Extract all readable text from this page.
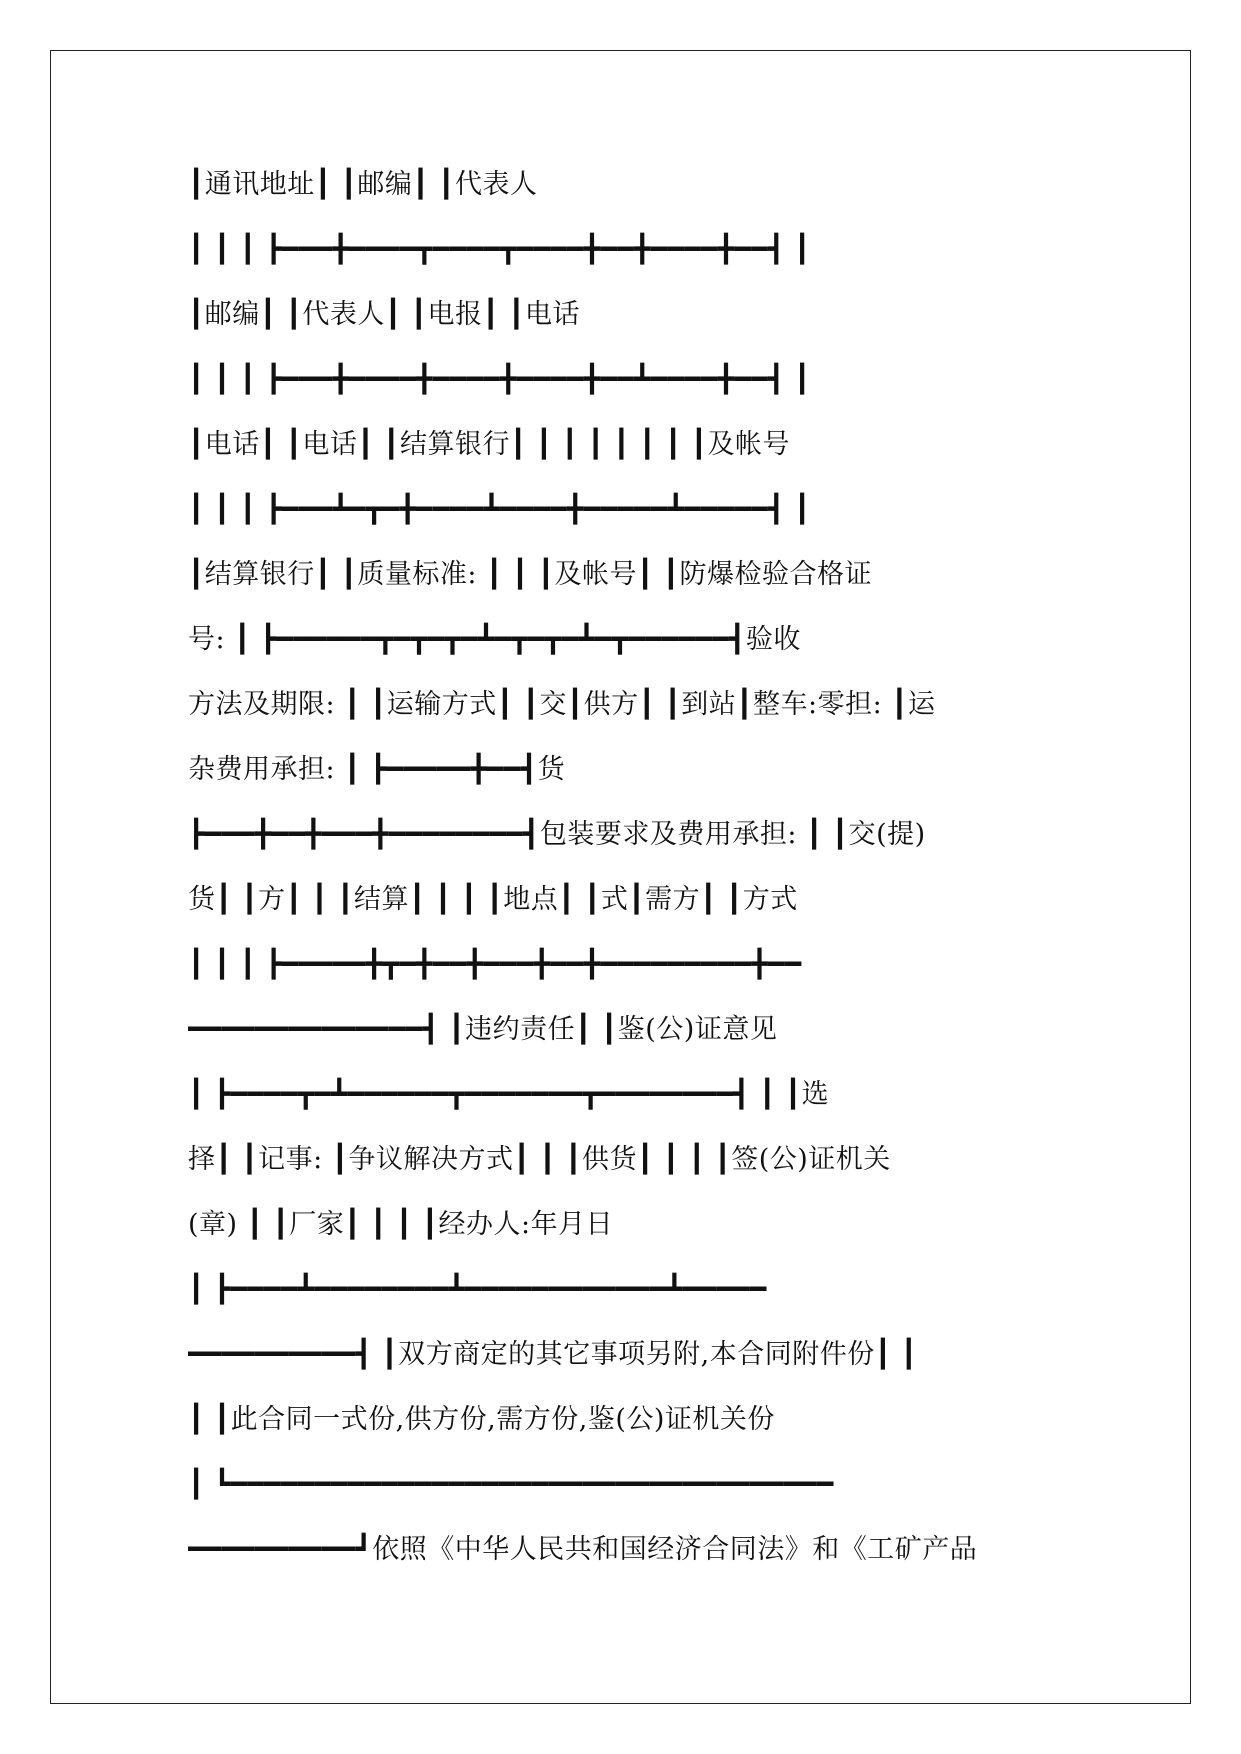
┃通讯地址┃ ┃邮编┃ ┃代表人
┃ ┃ ┃ ┣━━━╋━━━━┳━━━━┳━━━━╋━━╋━━━━╋━━┫ ┃
┃邮编┃ ┃代表人┃ ┃电报┃ ┃电话
┃ ┃ ┃ ┣━━━╋━━━━╋━━━━╋━━━━╋━━┻━━━━╋━━┫ ┃
┃电话┃ ┃电话┃ ┃结算银行┃ ┃ ┃ ┃ ┃ ┃ ┃ ┃及帐号
┃ ┃ ┃ ┣━━━┻━┳━╋━━━━┻━━━━╋━━━━━┻━━━━━┫ ┃
┃结算银行┃ ┃质量标准: ┃ ┃ ┃及帐号┃ ┃防爆检验合格证
号: ┃ ┣━━━━━━┳━┳━┳━┻━┳━┳━┻━┳━━━━━━┫验收
方法及期限: ┃ ┃运输方式┃ ┃交┃供方┃ ┃到站┃整车:零担: ┃运
杂费用承担: ┃ ┣━━━━━╋━━┫货
┣━━━╋━━╋━━━╋━━━━━━━━┫包装要求及费用承担: ┃ ┃交(提)
货┃ ┃方┃ ┃ ┃结算┃ ┃ ┃ ┃地点┃ ┃式┃需方┃ ┃方式
┃ ┃ ┃ ┣━━━━━╋┳━╋━━╋━━━╋━━╋━━━━━━━━━╋━━
━━━━━━━━━━━━━━┫ ┃违约责任┃ ┃鉴(公)证意见
┃ ┣━━━━┳━┻━━━━━━┳━━━━━━━┳━━━━━━━━┫ ┃ ┃选
择┃ ┃记事: ┃争议解决方式┃ ┃ ┃供货┃ ┃ ┃ ┃签(公)证机关
(章) ┃ ┃厂家┃ ┃ ┃ ┃经办人:年月日
┃ ┣━━━━┻━━━━━━━━┻━━━━━━━━━━━━┻━━━━━
━━━━━━━━━━┫ ┃双方商定的其它事项另附,本合同附件份┃ ┃
┃ ┃此合同一式份,供方份,需方份,鉴(公)证机关份
┃ ┗━━━━━━━━━━━━━━━━━━━━━━━━━━━━━━━━━━━━
━━━━━━━━━━┛依照《中华人民共和国经济合同法》和《工矿产品
